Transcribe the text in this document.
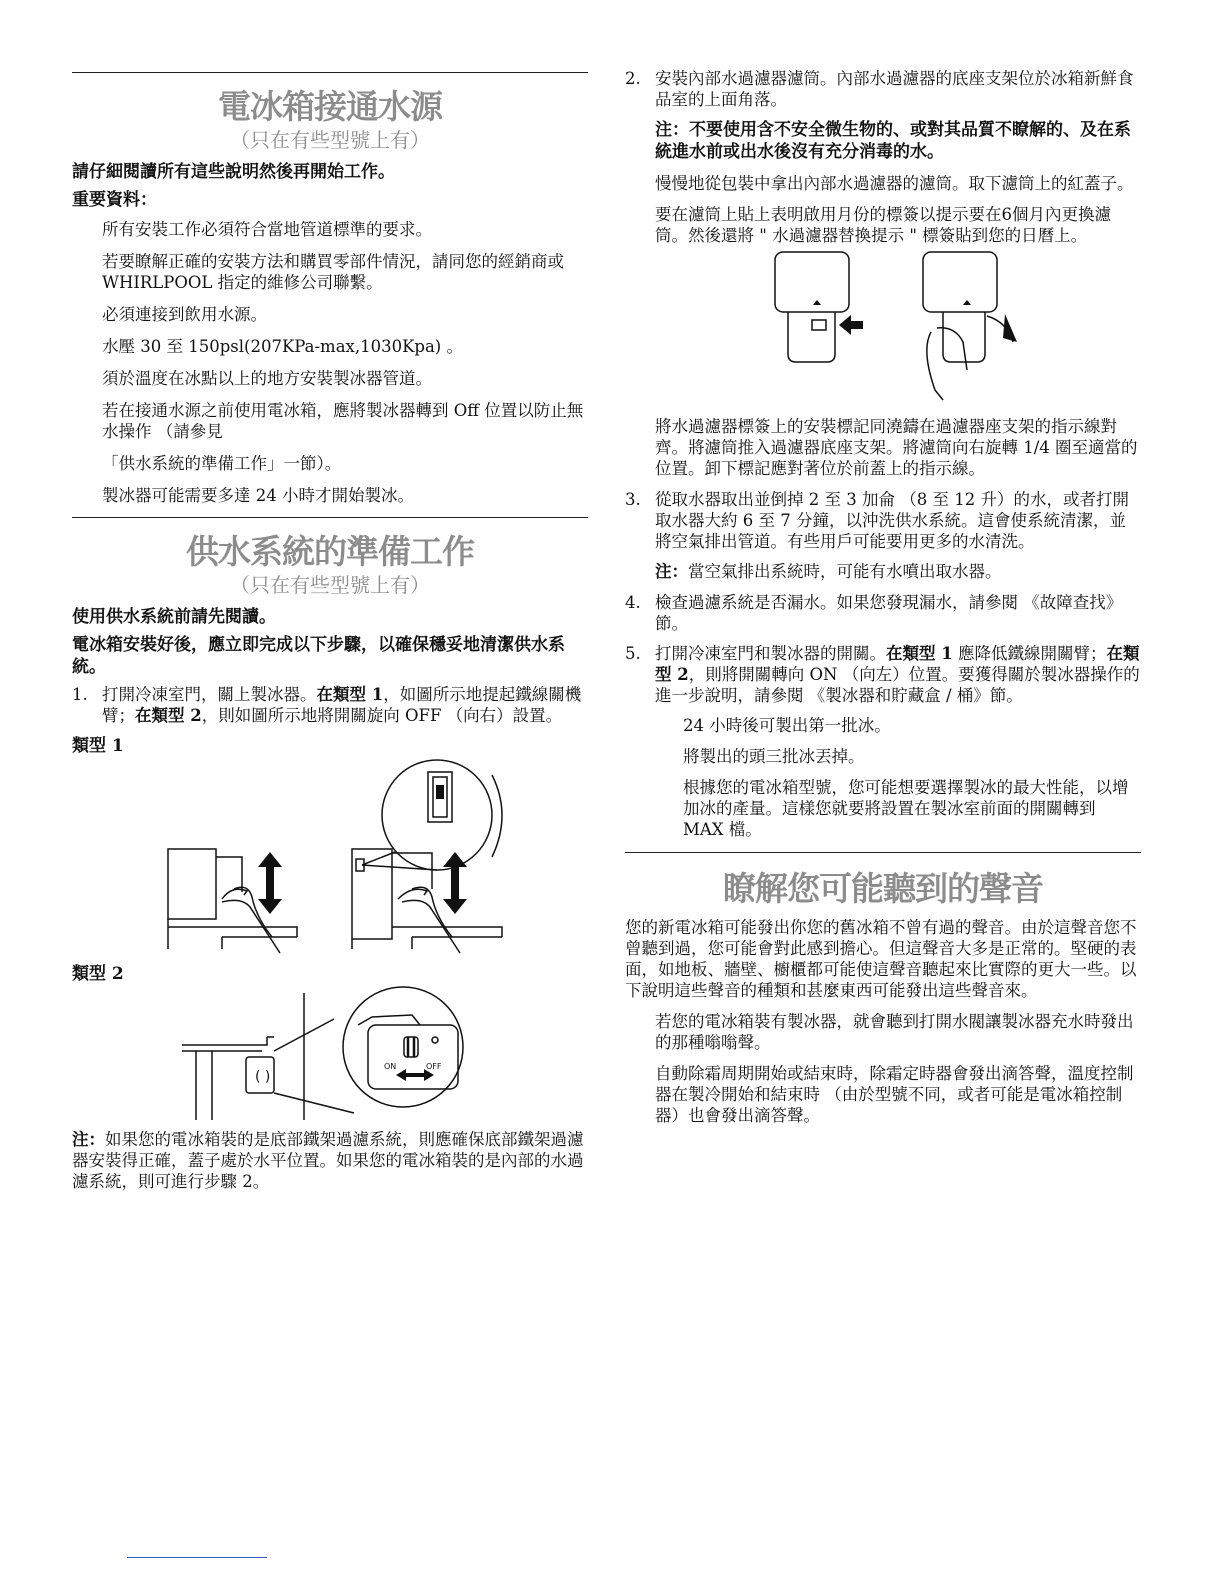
電冰箱接通水源
（只在有些型號上有）

請仔細閱讀所有這些說明然後再開始工作。

重要資料：

所有安裝工作必須符合當地管道標準的要求。

若要瞭解正確的安裝方法和購買零部件情況，請同您的經銷商或 WHIRLPOOL 指定的維修公司聯繫。

必須連接到飲用水源。

水壓 30 至 150psl(207KPa-max,1030Kpa) 。

須於溫度在冰點以上的地方安裝製冰器管道。

若在接通水源之前使用電冰箱，應將製冰器轉到 Off 位置以防止無水操作 （請參見

「供水系統的準備工作」一節）。

製冰器可能需要多達 24 小時才開始製冰。

供水系統的準備工作
（只在有些型號上有）

使用供水系統前請先閱讀。

電冰箱安裝好後，應立即完成以下步驟，以確保穩妥地清潔供水系統。

1. 打開冷凍室門，關上製冰器。在類型 1，如圖所示地提起鐵線關機臂；在類型 2，則如圖所示地將開關旋向 OFF （向右）設置。

類型 1

類型 2

( )
ON	OFF

注：如果您的電冰箱裝的是底部鐵架過濾系統，則應確保底部鐵架過濾器安裝得正確，蓋子處於水平位置。如果您的電冰箱裝的是內部的水過濾系統，則可進行步驟 2。

2. 安裝內部水過濾器濾筒。內部水過濾器的底座支架位於冰箱新鮮食品室的上面角落。

注：不要使用含不安全微生物的、或對其品質不瞭解的、及在系統進水前或出水後沒有充分消毒的水。

慢慢地從包裝中拿出內部水過濾器的濾筒。取下濾筒上的紅蓋子。

要在濾筒上貼上表明啟用月份的標簽以提示要在6個月內更換濾筒。然後還將 " 水過濾器替換提示 " 標簽貼到您的日曆上。

將水過濾器標簽上的安裝標記同澆鑄在過濾器座支架的指示線對齊。將濾筒推入過濾器底座支架。將濾筒向右旋轉 1/4 圈至適當的位置。卸下標記應對著位於前蓋上的指示線。

3. 從取水器取出並倒掉 2 至 3 加侖 （8 至 12 升）的水，或者打開取水器大約 6 至 7 分鐘，以沖洗供水系統。這會使系統清潔，並將空氣排出管道。有些用戶可能要用更多的水清洗。

注：當空氣排出系統時，可能有水噴出取水器。

4. 檢查過濾系統是否漏水。如果您發現漏水，請參閱 《故障查找》節。
5. 打開冷凍室門和製冰器的開關。在類型 1 應降低鐵線開關臂；在類型 2，則將開關轉向 ON （向左）位置。要獲得關於製冰器操作的進一步說明，請參閱 《製冰器和貯藏盒 / 桶》節。

24 小時後可製出第一批冰。

將製出的頭三批冰丟掉。

根據您的電冰箱型號，您可能想要選擇製冰的最大性能，以增加冰的產量。這樣您就要將設置在製冰室前面的開關轉到 MAX 檔。

瞭解您可能聽到的聲音

您的新電冰箱可能發出你您的舊冰箱不曾有過的聲音。由於這聲音您不曾聽到過，您可能會對此感到擔心。但這聲音大多是正常的。堅硬的表面，如地板、牆壁、櫥櫃都可能使這聲音聽起來比實際的更大一些。以下說明這些聲音的種類和甚麼東西可能發出這些聲音來。

若您的電冰箱裝有製冰器，就會聽到打開水閥讓製冰器充水時發出的那種嗡嗡聲。

自動除霜周期開始或結束時，除霜定時器會發出滴答聲，溫度控制器在製冷開始和結束時 （由於型號不同，或者可能是電冰箱控制器）也會發出滴答聲。
